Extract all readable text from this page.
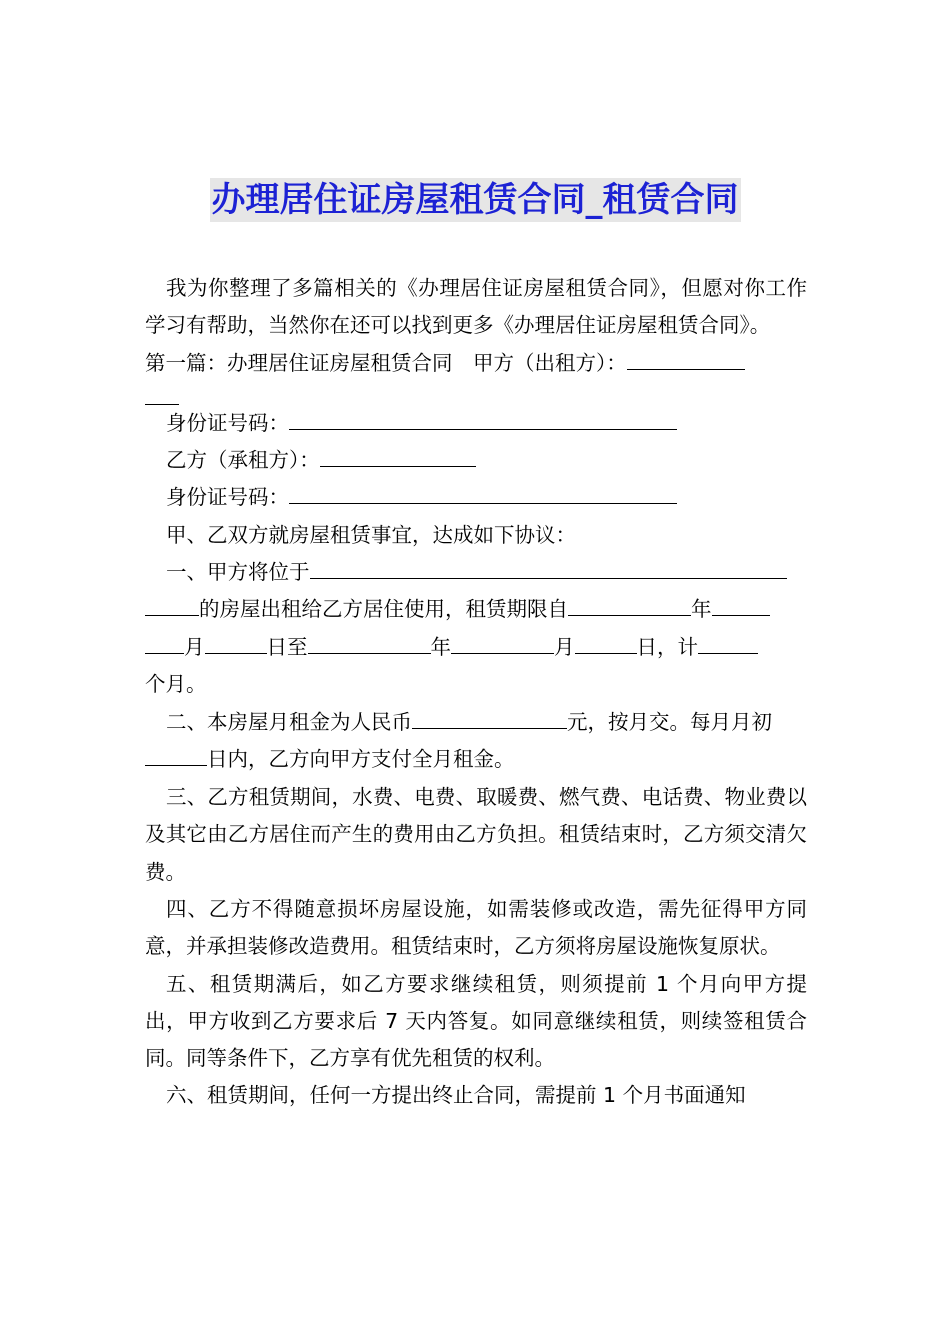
办理居住证房屋租赁合同_租赁合同

我为你整理了多篇相关的《办理居住证房屋租赁合同》，但愿对你工作学习有帮助，当然你在还可以找到更多《办理居住证房屋租赁合同》。

第一篇：办理居住证房屋租赁合同　甲方（出租方）：

身份证号码：

乙方（承租方）：

身份证号码：

甲、乙双方就房屋租赁事宜，达成如下协议：

一、甲方将位于
的房屋出租给乙方居住使用，租赁期限自	年
月	日至	年	月	日，计
个月。
二、本房屋月租金为人民币	元，按月交。每月月初
日内，乙方向甲方支付全月租金。

三、乙方租赁期间，水费、电费、取暖费、燃气费、电话费、物业费以及其它由乙方居住而产生的费用由乙方负担。租赁结束时，乙方须交清欠费。

四、乙方不得随意损坏房屋设施，如需装修或改造，需先征得甲方同意，并承担装修改造费用。租赁结束时，乙方须将房屋设施恢复原状。

五、租赁期满后，如乙方要求继续租赁，则须提前 1 个月向甲方提出，甲方收到乙方要求后 7 天内答复。如同意继续租赁，则续签租赁合同。同等条件下，乙方享有优先租赁的权利。

六、租赁期间，任何一方提出终止合同，需提前 1 个月书面通知
